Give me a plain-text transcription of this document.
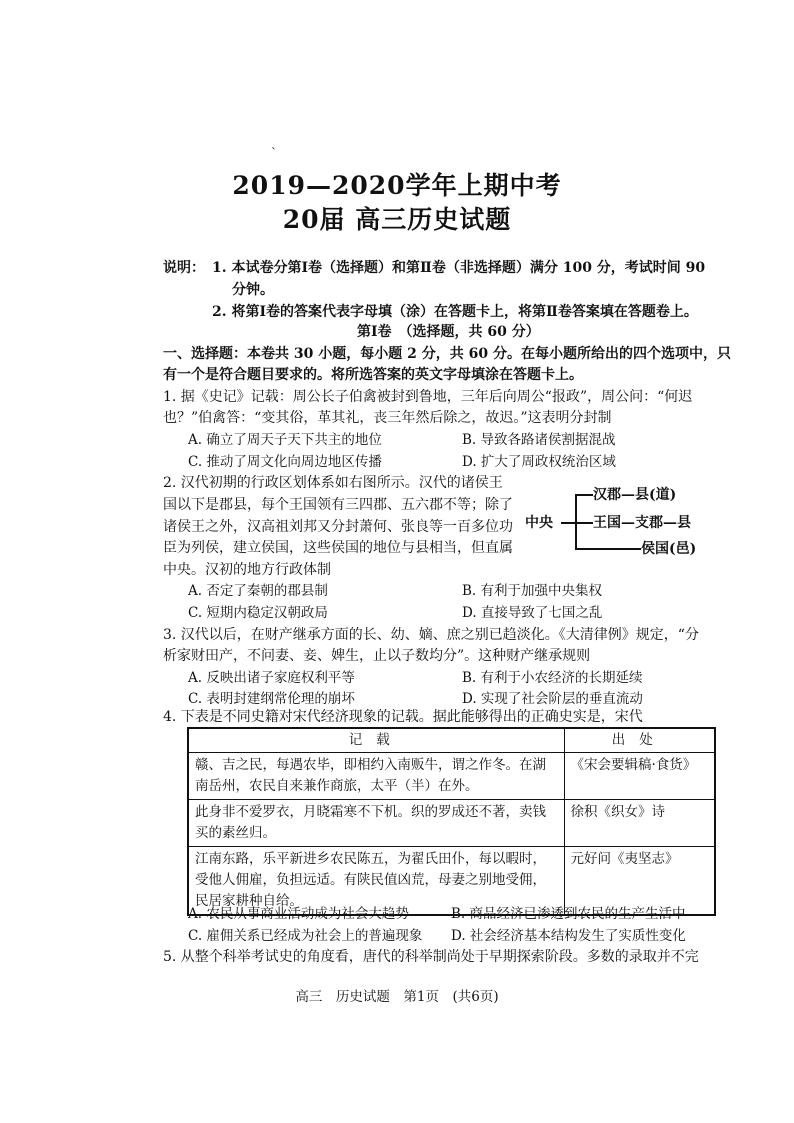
`
2019—2020学年上期中考
20届 高三历史试题
说明： 1. 本试卷分第Ⅰ卷（选择题）和第Ⅱ卷（非选择题）满分 100 分，考试时间 90
分钟。
2. 将第Ⅰ卷的答案代表字母填（涂）在答题卡上，将第Ⅱ卷答案填在答题卷上。
第Ⅰ卷　（选择题，共 60 分）
一、选择题：本卷共 30 小题，每小题 2 分，共 60 分。在每小题所给出的四个选项中，只
有一个是符合题目要求的。将所选答案的英文字母填涂在答题卡上。
1. 据《史记》记载：周公长子伯禽被封到鲁地，三年后向周公“报政”，周公问：“何迟
也？”伯禽答：“变其俗，革其礼，丧三年然后除之，故迟。”这表明分封制
A. 确立了周天子天下共主的地位	B. 导致各路诸侯割据混战
C. 推动了周文化向周边地区传播	D. 扩大了周政权统治区域
2. 汉代初期的行政区划体系如右图所示。汉代的诸侯王
国以下是郡县，每个王国领有三四郡、五六郡不等；除了
诸侯王之外，汉高祖刘邦又分封萧何、张良等一百多位功
臣为列侯，建立侯国，这些侯国的地位与县相当，但直属
中央。汉初的地方行政体制
中央
汉郡—县(道)
王国—支郡—县
侯国(邑)
A. 否定了秦朝的郡县制	B. 有利于加强中央集权
C. 短期内稳定汉朝政局	D. 直接导致了七国之乱
3. 汉代以后，在财产继承方面的长、幼、嫡、庶之别已趋淡化。《大清律例》规定，“分
析家财田产，不问妻、妾、婢生，止以子数均分”。这种财产继承规则
A. 反映出诸子家庭权利平等	B. 有利于小农经济的长期延续
C. 表明封建纲常伦理的崩坏	D. 实现了社会阶层的垂直流动
4. 下表是不同史籍对宋代经济现象的记载。据此能够得出的正确史实是，宋代
记载	出处
赣、吉之民，每遇农毕，即相约入南贩牛，谓之作冬。在湖南岳州，农民自来兼作商旅，太平（半）在外。	《宋会要辑稿·食货》
此身非不爱罗衣，月晓霜寒不下机。织的罗成还不著，卖钱买的素丝归。	徐积《织女》诗
江南东路，乐平新进乡农民陈五，为翟氏田仆，每以暇时，受他人佣雇，负担远适。有陕民值凶荒，母妻之别地受佣，民居家耕种自给。	元好问《夷坚志》
A. 农民从事商业活动成为社会大趋势	B. 商品经济已渗透到农民的生产生活中
C. 雇佣关系已经成为社会上的普遍现象 D. 社会经济基本结构发生了实质性变化
5. 从整个科举考试史的角度看，唐代的科举制尚处于早期探索阶段。多数的录取并不完
高三　历史试题　第1页　(共6页)
